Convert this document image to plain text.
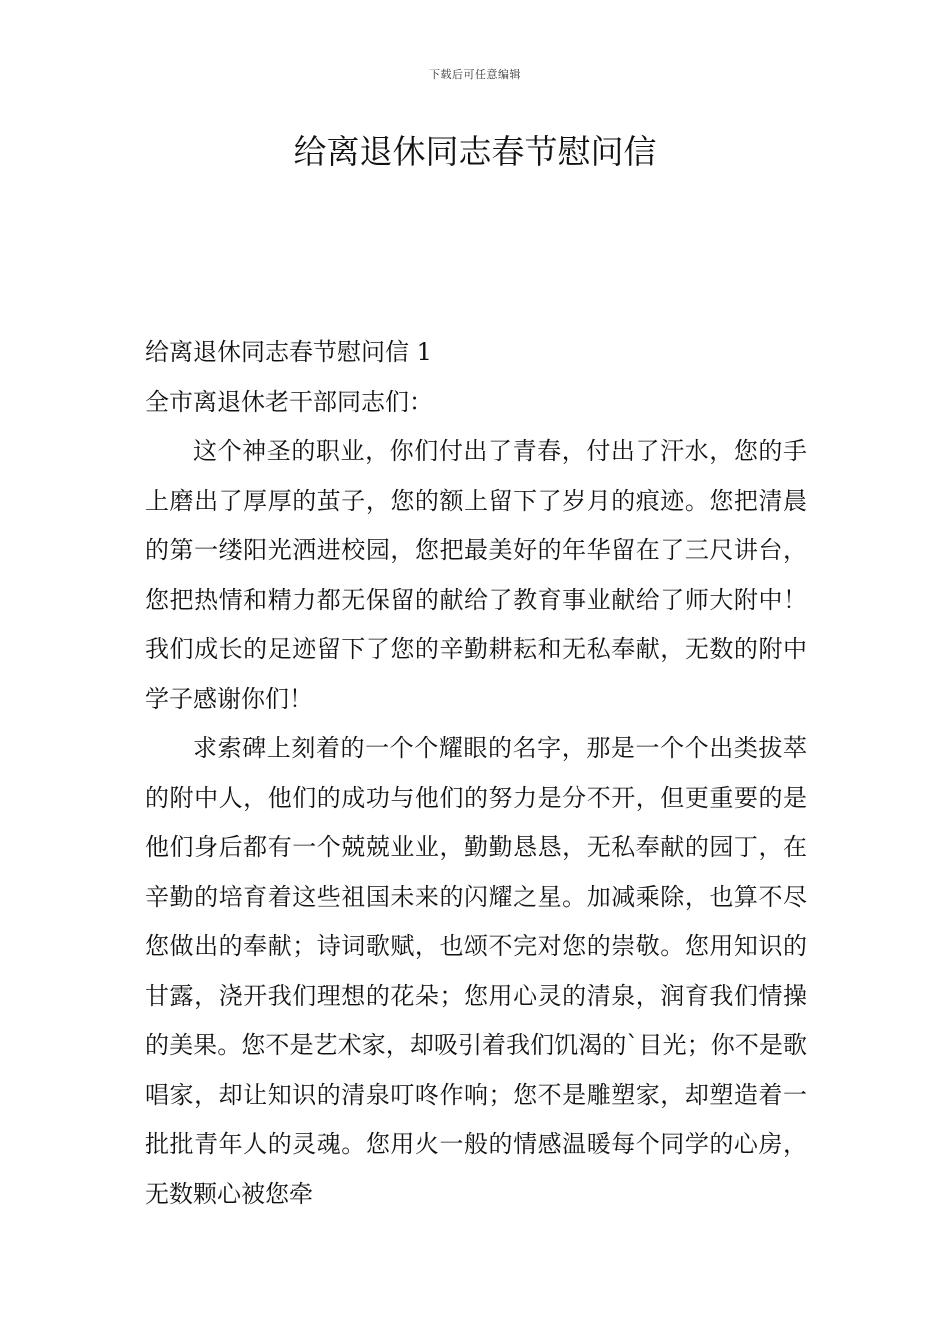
下载后可任意编辑
给离退休同志春节慰问信

给离退休同志春节慰问信 1

全市离退休老干部同志们：

这个神圣的职业，你们付出了青春，付出了汗水，您的手上磨出了厚厚的茧子，您的额上留下了岁月的痕迹。您把清晨的第一缕阳光洒进校园，您把最美好的年华留在了三尺讲台，您把热情和精力都无保留的献给了教育事业献给了师大附中！我们成长的足迹留下了您的辛勤耕耘和无私奉献，无数的附中学子感谢你们！

求索碑上刻着的一个个耀眼的名字，那是一个个出类拔萃的附中人，他们的成功与他们的努力是分不开，但更重要的是他们身后都有一个兢兢业业，勤勤恳恳，无私奉献的园丁，在辛勤的培育着这些祖国未来的闪耀之星。加减乘除，也算不尽您做出的奉献；诗词歌赋，也颂不完对您的崇敬。您用知识的甘露，浇开我们理想的花朵；您用心灵的清泉，润育我们情操的美果。您不是艺术家，却吸引着我们饥渴的`目光；你不是歌唱家，却让知识的清泉叮咚作响；您不是雕塑家，却塑造着一批批青年人的灵魂。您用火一般的情感温暖每个同学的心房，无数颗心被您牵
